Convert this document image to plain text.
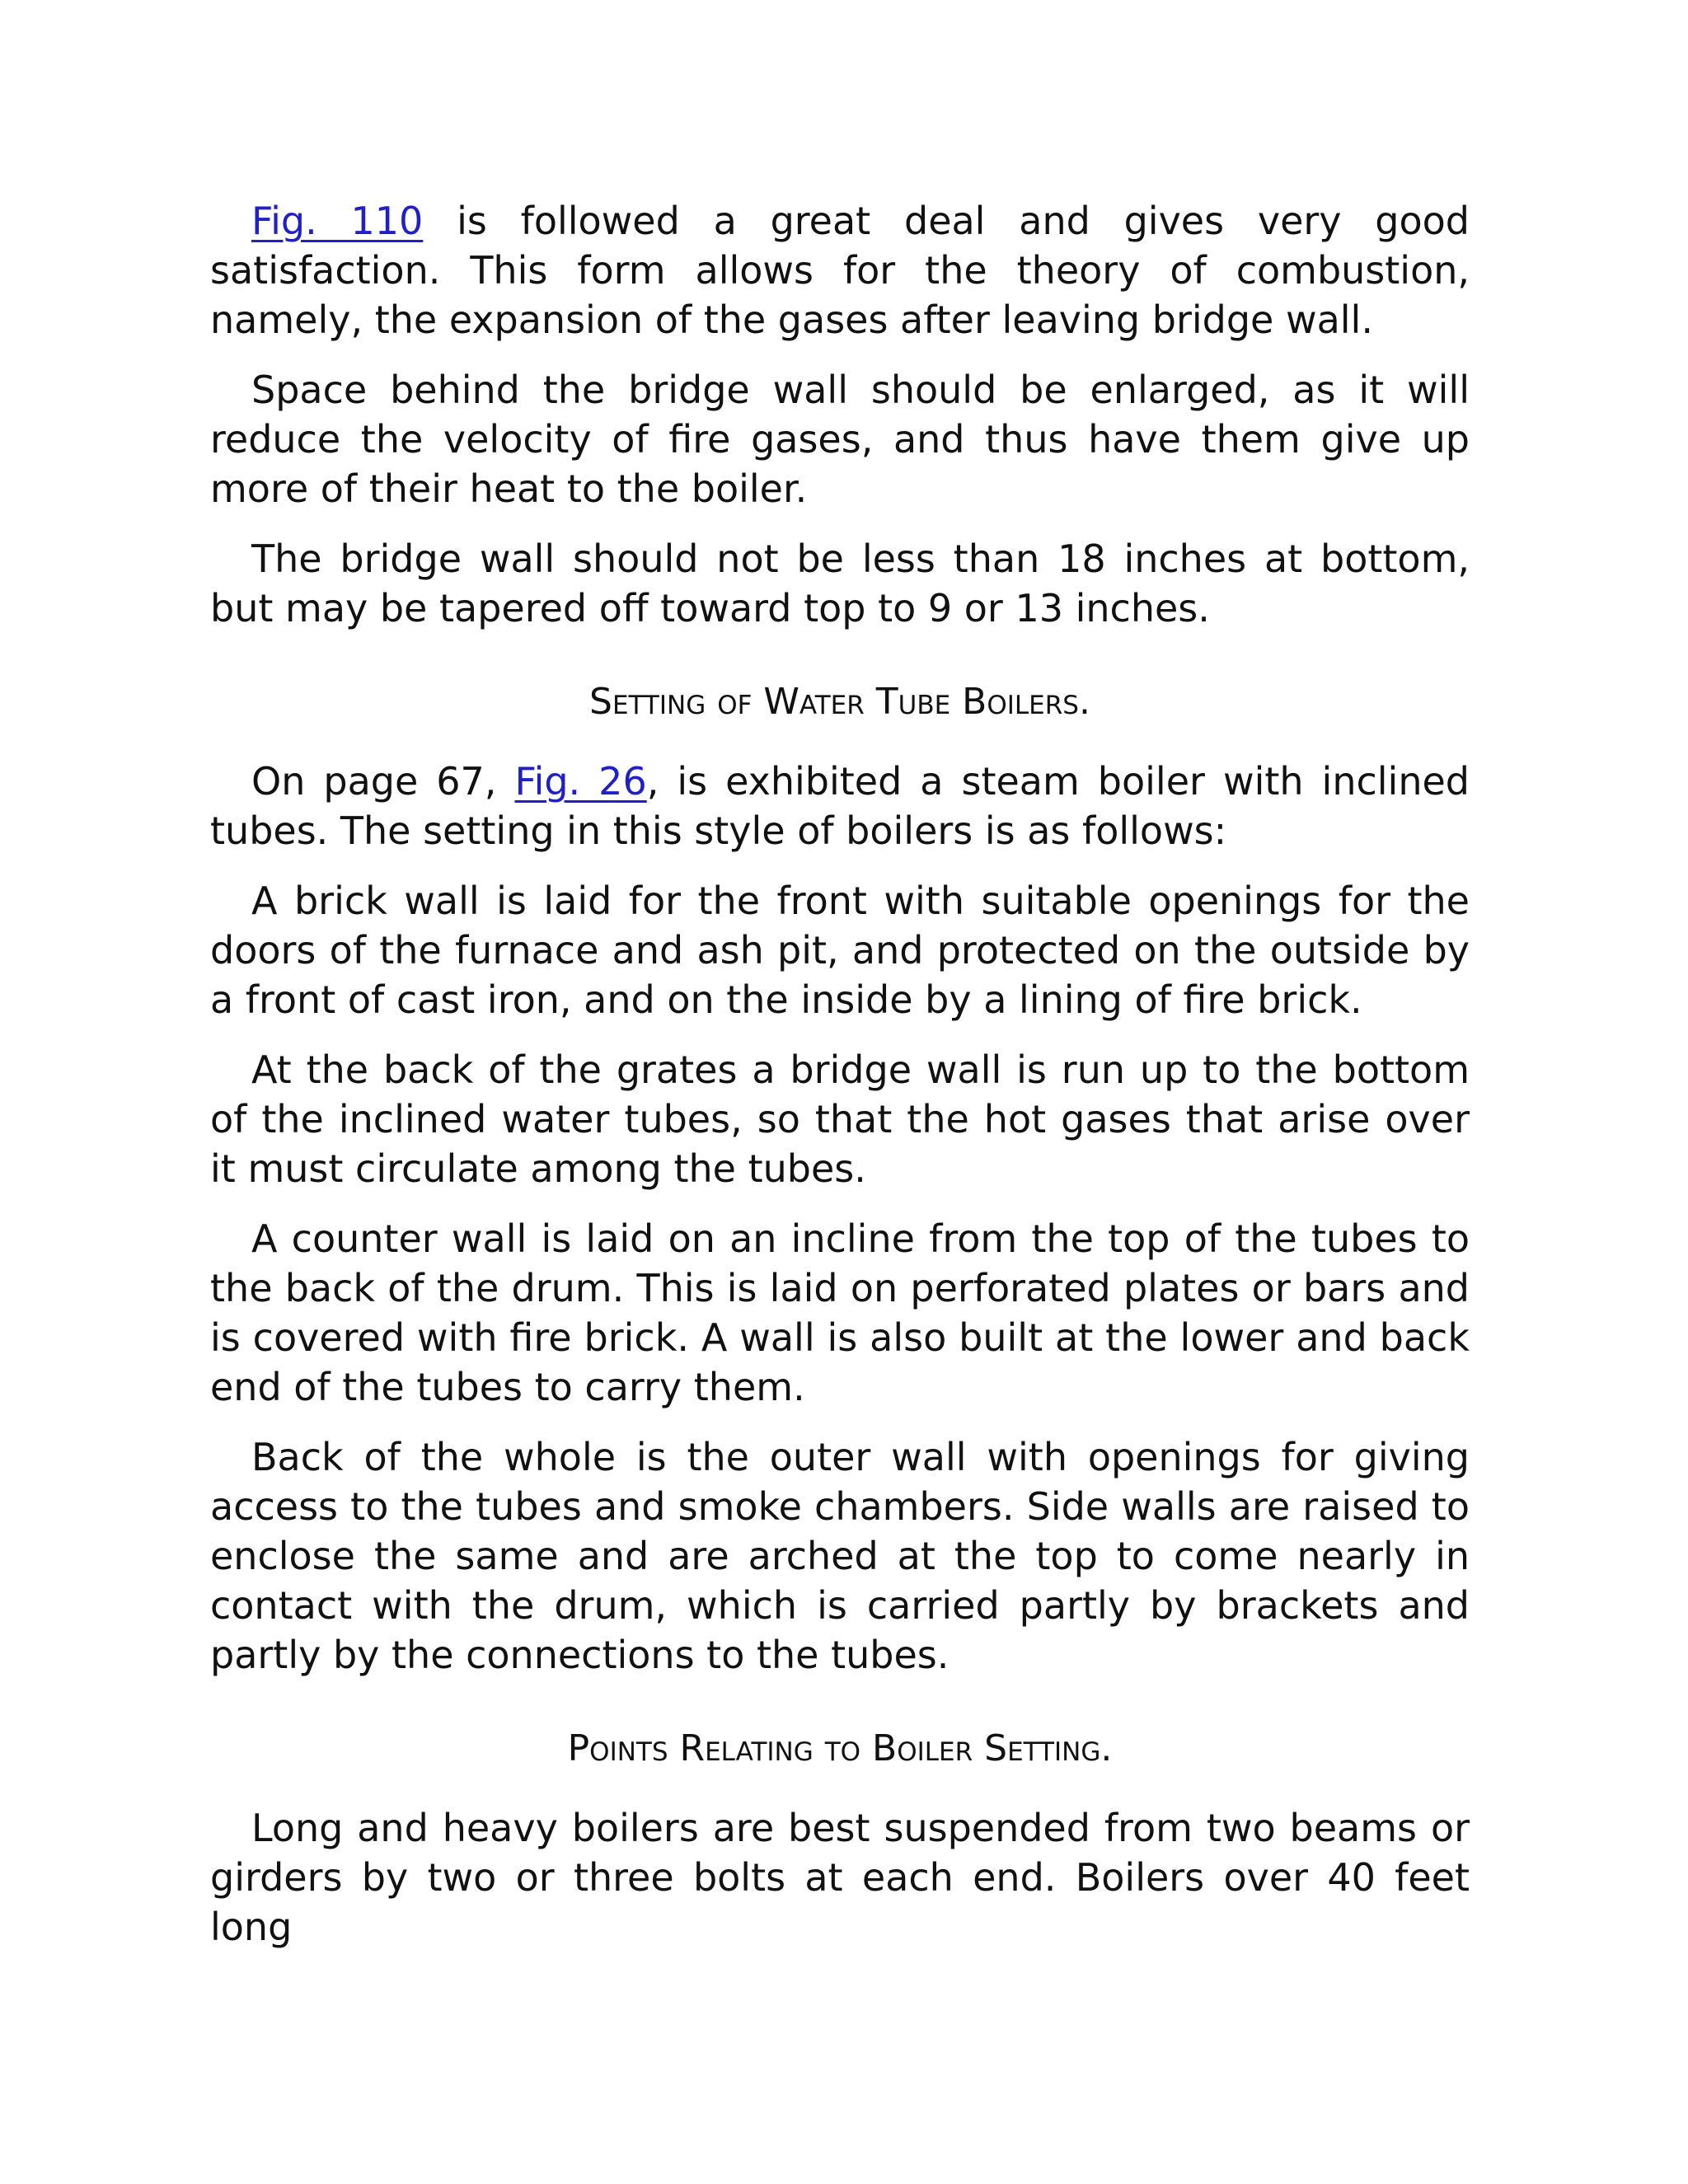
Fig. 110 is followed a great deal and gives very good satisfaction. This form allows for the theory of combustion, namely, the expansion of the gases after leaving bridge wall.

Space behind the bridge wall should be enlarged, as it will reduce the velocity of fire gases, and thus have them give up more of their heat to the boiler.

The bridge wall should not be less than 18 inches at bottom, but may be tapered off toward top to 9 or 13 inches.

Setting of Water Tube Boilers.

On page 67, Fig. 26, is exhibited a steam boiler with inclined tubes. The setting in this style of boilers is as follows:

A brick wall is laid for the front with suitable openings for the doors of the furnace and ash pit, and protected on the outside by a front of cast iron, and on the inside by a lining of fire brick.

At the back of the grates a bridge wall is run up to the bottom of the inclined water tubes, so that the hot gases that arise over it must circulate among the tubes.

A counter wall is laid on an incline from the top of the tubes to the back of the drum. This is laid on perforated plates or bars and is covered with fire brick. A wall is also built at the lower and back end of the tubes to carry them.

Back of the whole is the outer wall with openings for giving access to the tubes and smoke chambers. Side walls are raised to enclose the same and are arched at the top to come nearly in contact with the drum, which is carried partly by brackets and partly by the connections to the tubes.

Points Relating to Boiler Setting.

Long and heavy boilers are best suspended from two beams or girders by two or three bolts at each end. Boilers over 40 feet long
